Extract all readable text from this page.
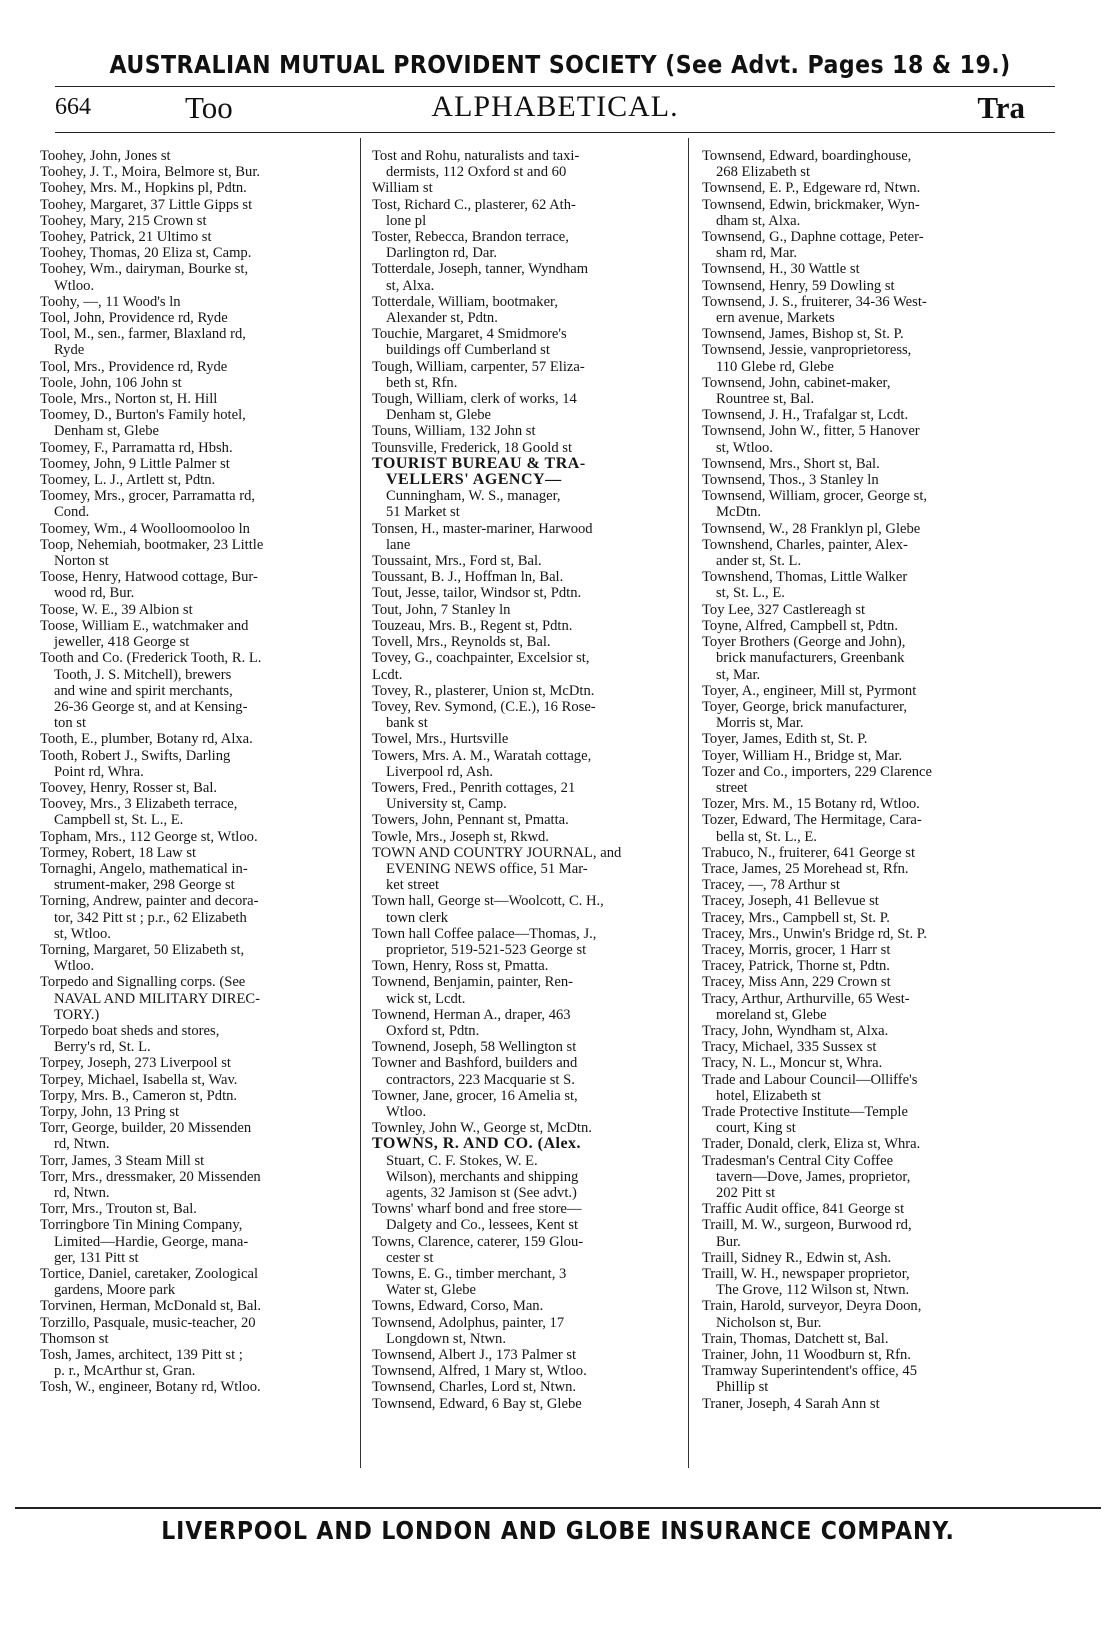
AUSTRALIAN MUTUAL PROVIDENT SOCIETY (See Advt. Pages 18 & 19.)
664	Too	ALPHABETICAL.	Tra
Toohey, John, Jones st
Toohey, J. T., Moira, Belmore st, Bur.
Toohey, Mrs. M., Hopkins pl, Pdtn.
Toohey, Margaret, 37 Little Gipps st
Toohey, Mary, 215 Crown st
Toohey, Patrick, 21 Ultimo st
Toohey, Thomas, 20 Eliza st, Camp.
Toohey, Wm., dairyman, Bourke st,
Wtloo.
Toohy, —, 11 Wood's ln
Tool, John, Providence rd, Ryde
Tool, M., sen., farmer, Blaxland rd,
Ryde
Tool, Mrs., Providence rd, Ryde
Toole, John, 106 John st
Toole, Mrs., Norton st, H. Hill
Toomey, D., Burton's Family hotel,
Denham st, Glebe
Toomey, F., Parramatta rd, Hbsh.
Toomey, John, 9 Little Palmer st
Toomey, L. J., Artlett st, Pdtn.
Toomey, Mrs., grocer, Parramatta rd,
Cond.
Toomey, Wm., 4 Woolloomooloo ln
Toop, Nehemiah, bootmaker, 23 Little
Norton st
Toose, Henry, Hatwood cottage, Bur-
wood rd, Bur.
Toose, W. E., 39 Albion st
Toose, William E., watchmaker and
jeweller, 418 George st
Tooth and Co. (Frederick Tooth, R. L.
Tooth, J. S. Mitchell), brewers
and wine and spirit merchants,
26-36 George st, and at Kensing-
ton st
Tooth, E., plumber, Botany rd, Alxa.
Tooth, Robert J., Swifts, Darling
Point rd, Whra.
Toovey, Henry, Rosser st, Bal.
Toovey, Mrs., 3 Elizabeth terrace,
Campbell st, St. L., E.
Topham, Mrs., 112 George st, Wtloo.
Tormey, Robert, 18 Law st
Tornaghi, Angelo, mathematical in-
strument-maker, 298 George st
Torning, Andrew, painter and decora-
tor, 342 Pitt st ; p.r., 62 Elizabeth
st, Wtloo.
Torning, Margaret, 50 Elizabeth st,
Wtloo.
Torpedo and Signalling corps. (See
NAVAL AND MILITARY DIREC-
TORY.)
Torpedo boat sheds and stores,
Berry's rd, St. L.
Torpey, Joseph, 273 Liverpool st
Torpey, Michael, Isabella st, Wav.
Torpy, Mrs. B., Cameron st, Pdtn.
Torpy, John, 13 Pring st
Torr, George, builder, 20 Missenden
rd, Ntwn.
Torr, James, 3 Steam Mill st
Torr, Mrs., dressmaker, 20 Missenden
rd, Ntwn.
Torr, Mrs., Trouton st, Bal.
Torringbore Tin Mining Company,
Limited—Hardie, George, mana-
ger, 131 Pitt st
Tortice, Daniel, caretaker, Zoological
gardens, Moore park
Torvinen, Herman, McDonald st, Bal.
Torzillo, Pasquale, music-teacher, 20
Thomson st
Tosh, James, architect, 139 Pitt st ;
p. r., McArthur st, Gran.
Tosh, W., engineer, Botany rd, Wtloo.
Tost and Rohu, naturalists and taxi-
dermists, 112 Oxford st and 60
William st
Tost, Richard C., plasterer, 62 Ath-
lone pl
Toster, Rebecca, Brandon terrace,
Darlington rd, Dar.
Totterdale, Joseph, tanner, Wyndham
st, Alxa.
Totterdale, William, bootmaker,
Alexander st, Pdtn.
Touchie, Margaret, 4 Smidmore's
buildings off Cumberland st
Tough, William, carpenter, 57 Eliza-
beth st, Rfn.
Tough, William, clerk of works, 14
Denham st, Glebe
Touns, William, 132 John st
Tounsville, Frederick, 18 Goold st
TOURIST BUREAU & TRA-
VELLERS' AGENCY—
Cunningham, W. S., manager,
51 Market st
Tonsen, H., master-mariner, Harwood
lane
Toussaint, Mrs., Ford st, Bal.
Toussant, B. J., Hoffman ln, Bal.
Tout, Jesse, tailor, Windsor st, Pdtn.
Tout, John, 7 Stanley ln
Touzeau, Mrs. B., Regent st, Pdtn.
Tovell, Mrs., Reynolds st, Bal.
Tovey, G., coachpainter, Excelsior st,
Lcdt.
Tovey, R., plasterer, Union st, McDtn.
Tovey, Rev. Symond, (C.E.), 16 Rose-
bank st
Towel, Mrs., Hurtsville
Towers, Mrs. A. M., Waratah cottage,
Liverpool rd, Ash.
Towers, Fred., Penrith cottages, 21
University st, Camp.
Towers, John, Pennant st, Pmatta.
Towle, Mrs., Joseph st, Rkwd.
TOWN AND COUNTRY JOURNAL, and
EVENING NEWS office, 51 Mar-
ket street
Town hall, George st—Woolcott, C. H.,
town clerk
Town hall Coffee palace—Thomas, J.,
proprietor, 519-521-523 George st
Town, Henry, Ross st, Pmatta.
Townend, Benjamin, painter, Ren-
wick st, Lcdt.
Townend, Herman A., draper, 463
Oxford st, Pdtn.
Townend, Joseph, 58 Wellington st
Towner and Bashford, builders and
contractors, 223 Macquarie st S.
Towner, Jane, grocer, 16 Amelia st,
Wtloo.
Townley, John W., George st, McDtn.
TOWNS, R. AND CO. (Alex.
Stuart, C. F. Stokes, W. E.
Wilson), merchants and shipping
agents, 32 Jamison st (See advt.)
Towns' wharf bond and free store—
Dalgety and Co., lessees, Kent st
Towns, Clarence, caterer, 159 Glou-
cester st
Towns, E. G., timber merchant, 3
Water st, Glebe
Towns, Edward, Corso, Man.
Townsend, Adolphus, painter, 17
Longdown st, Ntwn.
Townsend, Albert J., 173 Palmer st
Townsend, Alfred, 1 Mary st, Wtloo.
Townsend, Charles, Lord st, Ntwn.
Townsend, Edward, 6 Bay st, Glebe
Townsend, Edward, boardinghouse,
268 Elizabeth st
Townsend, E. P., Edgeware rd, Ntwn.
Townsend, Edwin, brickmaker, Wyn-
dham st, Alxa.
Townsend, G., Daphne cottage, Peter-
sham rd, Mar.
Townsend, H., 30 Wattle st
Townsend, Henry, 59 Dowling st
Townsend, J. S., fruiterer, 34-36 West-
ern avenue, Markets
Townsend, James, Bishop st, St. P.
Townsend, Jessie, vanproprietoress,
110 Glebe rd, Glebe
Townsend, John, cabinet-maker,
Rountree st, Bal.
Townsend, J. H., Trafalgar st, Lcdt.
Townsend, John W., fitter, 5 Hanover
st, Wtloo.
Townsend, Mrs., Short st, Bal.
Townsend, Thos., 3 Stanley ln
Townsend, William, grocer, George st,
McDtn.
Townsend, W., 28 Franklyn pl, Glebe
Townshend, Charles, painter, Alex-
ander st, St. L.
Townshend, Thomas, Little Walker
st, St. L., E.
Toy Lee, 327 Castlereagh st
Toyne, Alfred, Campbell st, Pdtn.
Toyer Brothers (George and John),
brick manufacturers, Greenbank
st, Mar.
Toyer, A., engineer, Mill st, Pyrmont
Toyer, George, brick manufacturer,
Morris st, Mar.
Toyer, James, Edith st, St. P.
Toyer, William H., Bridge st, Mar.
Tozer and Co., importers, 229 Clarence
street
Tozer, Mrs. M., 15 Botany rd, Wtloo.
Tozer, Edward, The Hermitage, Cara-
bella st, St. L., E.
Trabuco, N., fruiterer, 641 George st
Trace, James, 25 Morehead st, Rfn.
Tracey, —, 78 Arthur st
Tracey, Joseph, 41 Bellevue st
Tracey, Mrs., Campbell st, St. P.
Tracey, Mrs., Unwin's Bridge rd, St. P.
Tracey, Morris, grocer, 1 Harr st
Tracey, Patrick, Thorne st, Pdtn.
Tracey, Miss Ann, 229 Crown st
Tracy, Arthur, Arthurville, 65 West-
moreland st, Glebe
Tracy, John, Wyndham st, Alxa.
Tracy, Michael, 335 Sussex st
Tracy, N. L., Moncur st, Whra.
Trade and Labour Council—Olliffe's
hotel, Elizabeth st
Trade Protective Institute—Temple
court, King st
Trader, Donald, clerk, Eliza st, Whra.
Tradesman's Central City Coffee
tavern—Dove, James, proprietor,
202 Pitt st
Traffic Audit office, 841 George st
Traill, M. W., surgeon, Burwood rd,
Bur.
Traill, Sidney R., Edwin st, Ash.
Traill, W. H., newspaper proprietor,
The Grove, 112 Wilson st, Ntwn.
Train, Harold, surveyor, Deyra Doon,
Nicholson st, Bur.
Train, Thomas, Datchett st, Bal.
Trainer, John, 11 Woodburn st, Rfn.
Tramway Superintendent's office, 45
Phillip st
Traner, Joseph, 4 Sarah Ann st
LIVERPOOL AND LONDON AND GLOBE INSURANCE COMPANY.
